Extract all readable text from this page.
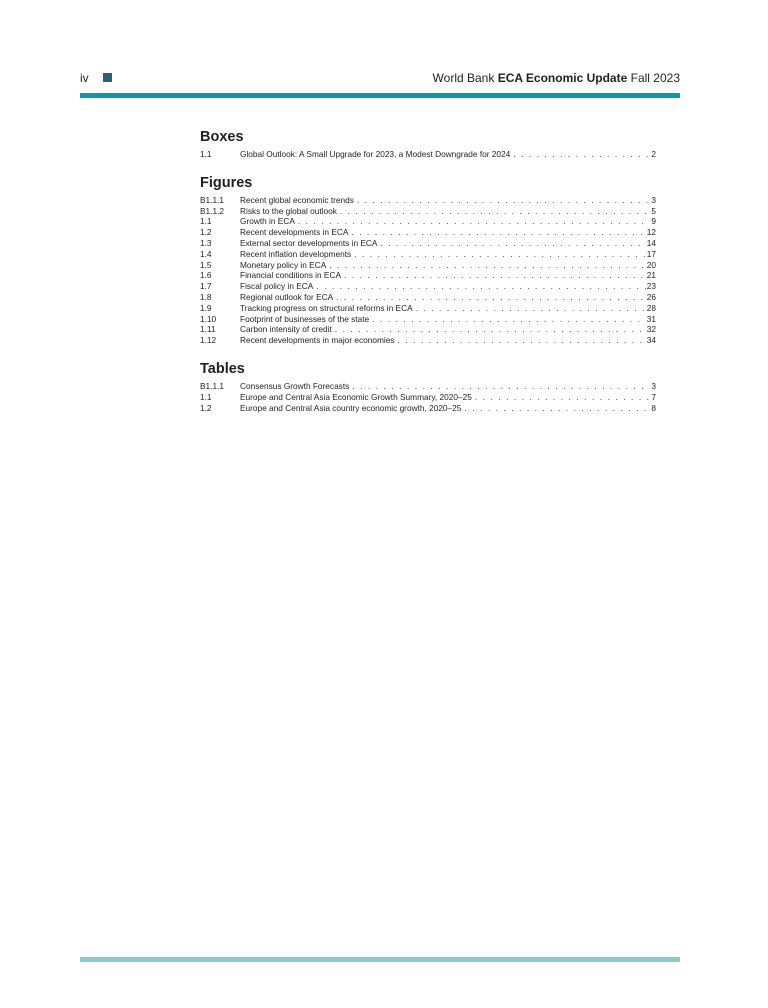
iv	World Bank ECA Economic Update Fall 2023
Boxes
1.1	Global Outlook: A Small Upgrade for 2023, a Modest Downgrade for 2024 . . .	2
Figures
B1.1.1	Recent global economic trends . . .	3
B1.1.2	Risks to the global outlook . . .	5
1.1	Growth in ECA . . .	9
1.2	Recent developments in ECA . . .	12
1.3	External sector developments in ECA . . .	14
1.4	Recent inflation developments . . .	17
1.5	Monetary policy in ECA . . .	20
1.6	Financial conditions in ECA . . .	21
1.7	Fiscal policy in ECA . . .	23
1.8	Regional outlook for ECA . . .	26
1.9	Tracking progress on structural reforms in ECA . . .	28
1.10	Footprint of businesses of the state . . .	31
1.11	Carbon intensity of credit . . .	32
1.12	Recent developments in major economies . . .	34
Tables
B1.1.1	Consensus Growth Forecasts . . .	3
1.1	Europe and Central Asia Economic Growth Summary, 2020–25 . . .	7
1.2	Europe and Central Asia country economic growth, 2020–25 . . .	8
